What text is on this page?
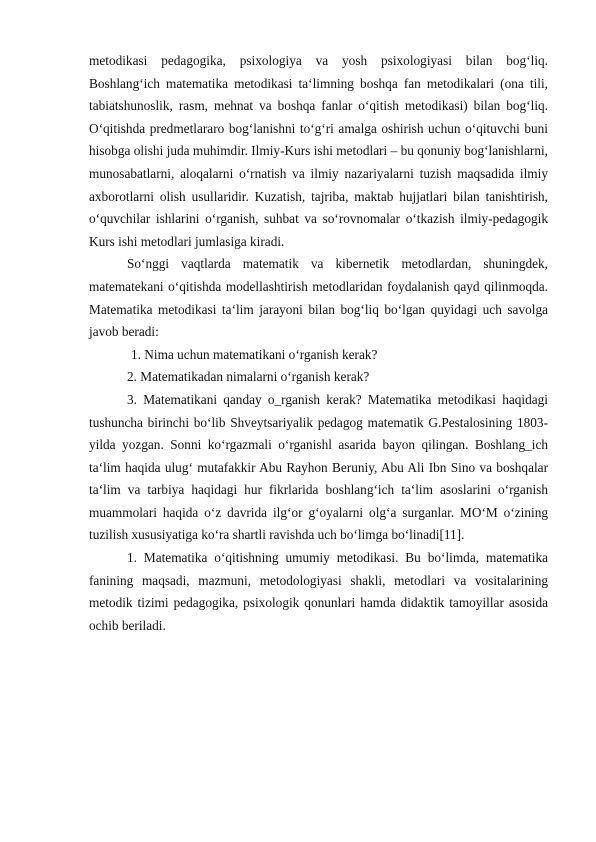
metodikasi pedagogika, psixologiya va yosh psixologiyasi bilan bog‘liq. Boshlang‘ich matematika metodikasi ta‘limning boshqa fan metodikalari (ona tili, tabiatshunoslik, rasm, mehnat va boshqa fanlar o‘qitish metodikasi) bilan bog‘liq. O‘qitishda predmetlararo bog‘lanishni to‘g‘ri amalga oshirish uchun o‘qituvchi buni hisobga olishi juda muhimdir. Ilmiy-Kurs ishi metodlari – bu qonuniy bog‘lanishlarni, munosabatlarni, aloqalarni o‘rnatish va ilmiy nazariyalarni tuzish maqsadida ilmiy axborotlarni olish usullaridir. Kuzatish, tajriba, maktab hujjatlari bilan tanishtirish, o‘quvchilar ishlarini o‘rganish, suhbat va so‘rovnomalar o‘tkazish ilmiy-pedagogik Kurs ishi metodlari jumlasiga kiradi.

So‘nggi vaqtlarda matematik va kibernetik metodlardan, shuningdek, matematekani o‘qitishda modellashtirish metodlaridan foydalanish qayd qilinmoqda. Matematika metodikasi ta‘lim jarayoni bilan bog‘liq bo‘lgan quyidagi uch savolga javob beradi:

1. Nima uchun matematikani o‘rganish kerak?

2. Matematikadan nimalarni o‘rganish kerak?

3. Matematikani qanday o_rganish kerak? Matematika metodikasi haqidagi tushuncha birinchi bo‘lib Shveytsariyalik pedagog matematik G.Pestalosining 1803-yilda yozgan. Sonni ko‘rgazmali o‘rganishl asarida bayon qilingan. Boshlang_ich ta‘lim haqida ulug‘ mutafakkir Abu Rayhon Beruniy, Abu Ali Ibn Sino va boshqalar ta‘lim va tarbiya haqidagi hur fikrlarida boshlang‘ich ta‘lim asoslarini o‘rganish muammolari haqida o‘z davrida ilg‘or g‘oyalarni olg‘a surganlar. MO‘M o‘zining tuzilish xususiyatiga ko‘ra shartli ravishda uch bo‘limga bo‘linadi[11].

1. Matematika o‘qitishning umumiy metodikasi. Bu bo‘limda, matematika fanining maqsadi, mazmuni, metodologiyasi shakli, metodlari va vositalarining metodik tizimi pedagogika, psixologik qonunlari hamda didaktik tamoyillar asosida ochib beriladi.
